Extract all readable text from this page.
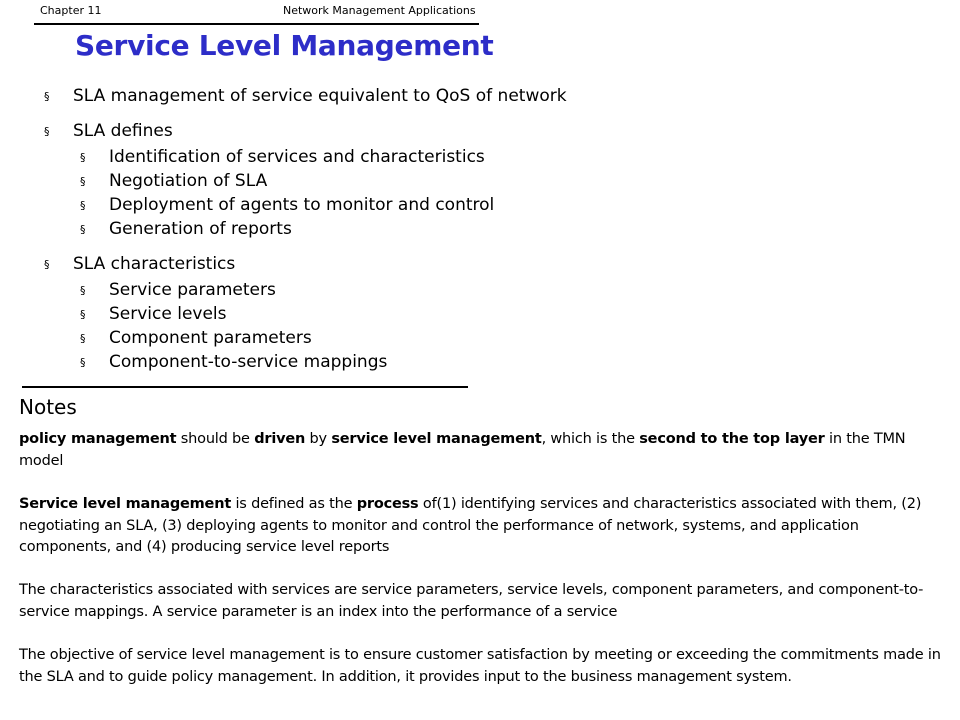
Chapter 11	Network Management Applications
Service Level Management
§ SLA management of service equivalent to QoS of network
§ SLA defines
§ Identification of services and characteristics
§ Negotiation of SLA
§ Deployment of agents to monitor and control
§ Generation of reports
§ SLA characteristics
§ Service parameters
§ Service levels
§ Component parameters
§ Component-to-service mappings
Notes
policy management should be driven by service level management, which is the second to the top layer in the TMN model
Service level management is defined as the process of(1) identifying services and characteristics associated with them, (2) negotiating an SLA, (3) deploying agents to monitor and control the performance of network, systems, and application components, and (4) producing service level reports
The characteristics associated with services are service parameters, service levels, component parameters, and component-to-service mappings. A service parameter is an index into the performance of a service
The objective of service level management is to ensure customer satisfaction by meeting or exceeding the commitments made in the SLA and to guide policy management. In addition, it provides input to the business management system.
